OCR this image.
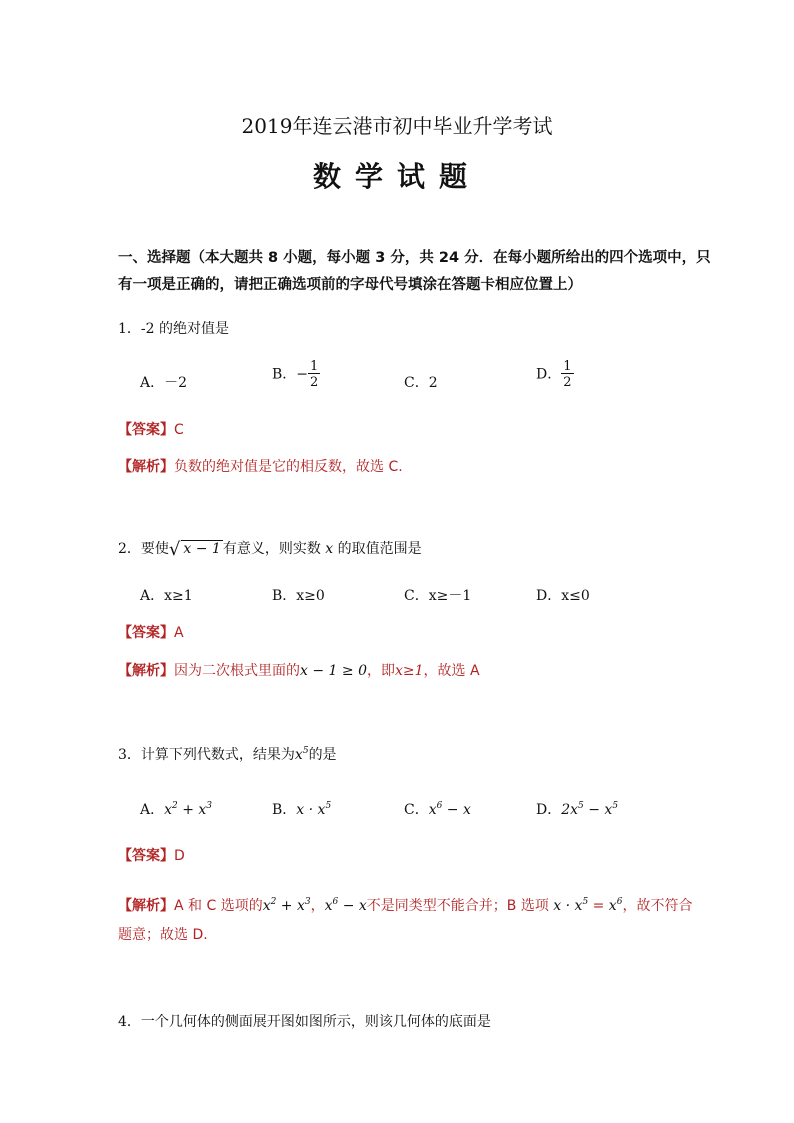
2019年连云港市初中毕业升学考试
数学试题
一、选择题（本大题共 8 小题，每小题 3 分，共 24 分．在每小题所给出的四个选项中，只
有一项是正确的，请把正确选项前的字母代号填涂在答题卡相应位置上）
1．-2 的绝对值是
A．－2
B．− $\frac{1}{2}$	C．2
D． $\frac{1}{2}$
【答案】C
【解析】负数的绝对值是它的相反数，故选 C.
2．要使√ x − 1 有意义，则实数 x 的取值范围是
A．x≥1	B．x≥0	C．x≥－1	D．x≤0
【答案】A
【解析】因为二次根式里面的x − 1 ≥ 0，即x≥1，故选 A
3．计算下列代数式，结果为$x^5$的是
A．$x^2 + x^3$	B．$x \cdot x^5$	C．$x^6 - x$	D．$2x^5 - x^5$
【答案】D
【解析】A 和 C 选项的$x^2 + x^3$，$x^6 - x$不是同类型不能合并；B 选项 $x \cdot x^5 = x^6$，故不符合
题意；故选 D.
4．一个几何体的侧面展开图如图所示，则该几何体的底面是
